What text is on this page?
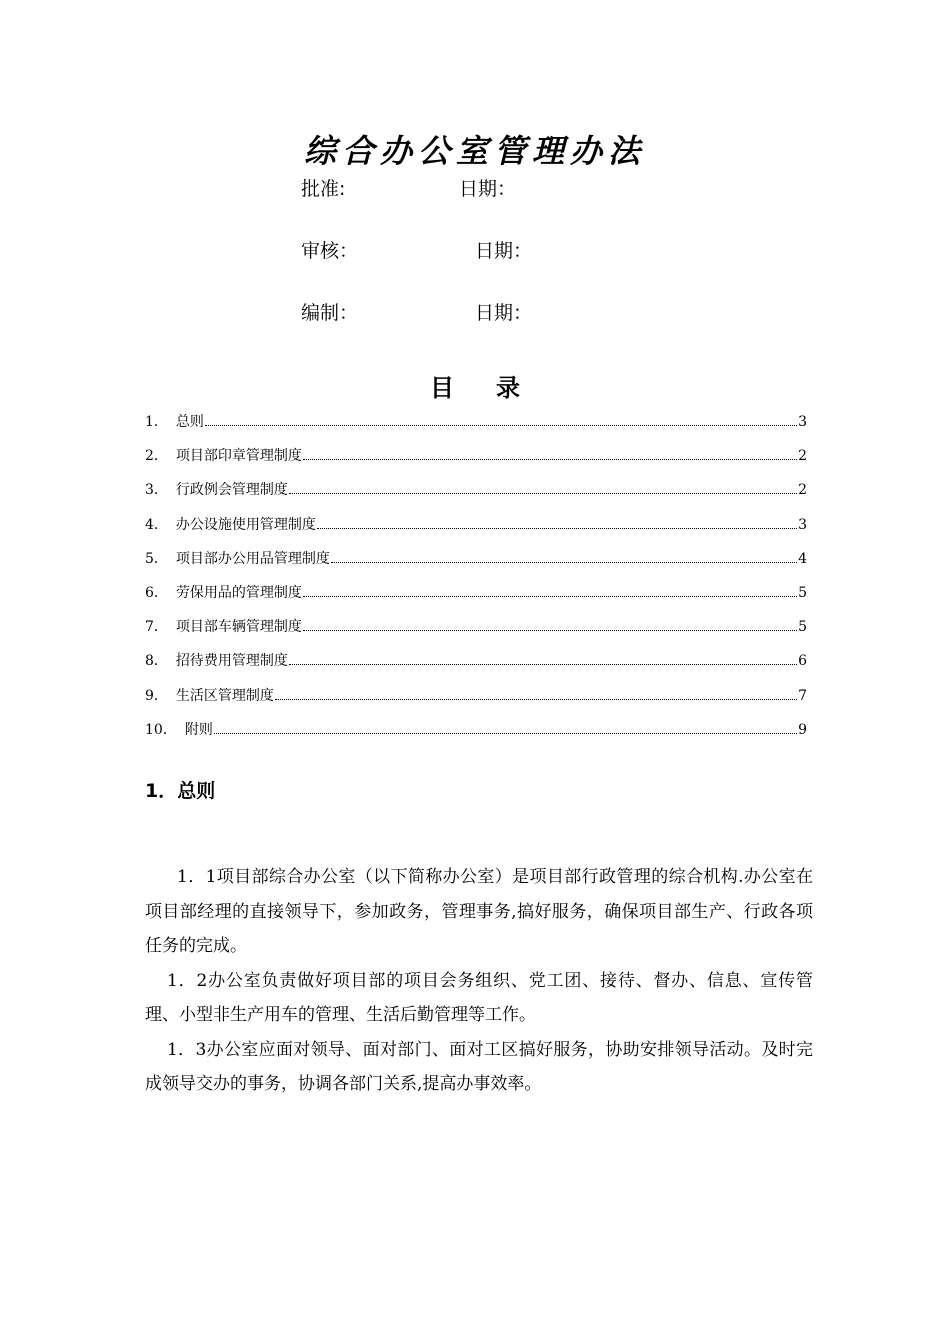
综合办公室管理办法
批准:	日期：
审核：	日期：
编制：	日期：
目 录
1． 总则	3
2． 项目部印章管理制度	2
3． 行政例会管理制度	2
4． 办公设施使用管理制度	3
5． 项目部办公用品管理制度	4
6． 劳保用品的管理制度	5
7． 项目部车辆管理制度	5
8． 招待费用管理制度	6
9． 生活区管理制度	7
10． 附则	9
1．总则

1．1项目部综合办公室（以下简称办公室）是项目部行政管理的综合机构.办公室在项目部经理的直接领导下，参加政务，管理事务,搞好服务，确保项目部生产、行政各项任务的完成。

1．2办公室负责做好项目部的项目会务组织、党工团、接待、督办、信息、宣传管理、小型非生产用车的管理、生活后勤管理等工作。

1．3办公室应面对领导、面对部门、面对工区搞好服务，协助安排领导活动。及时完成领导交办的事务，协调各部门关系,提高办事效率。
